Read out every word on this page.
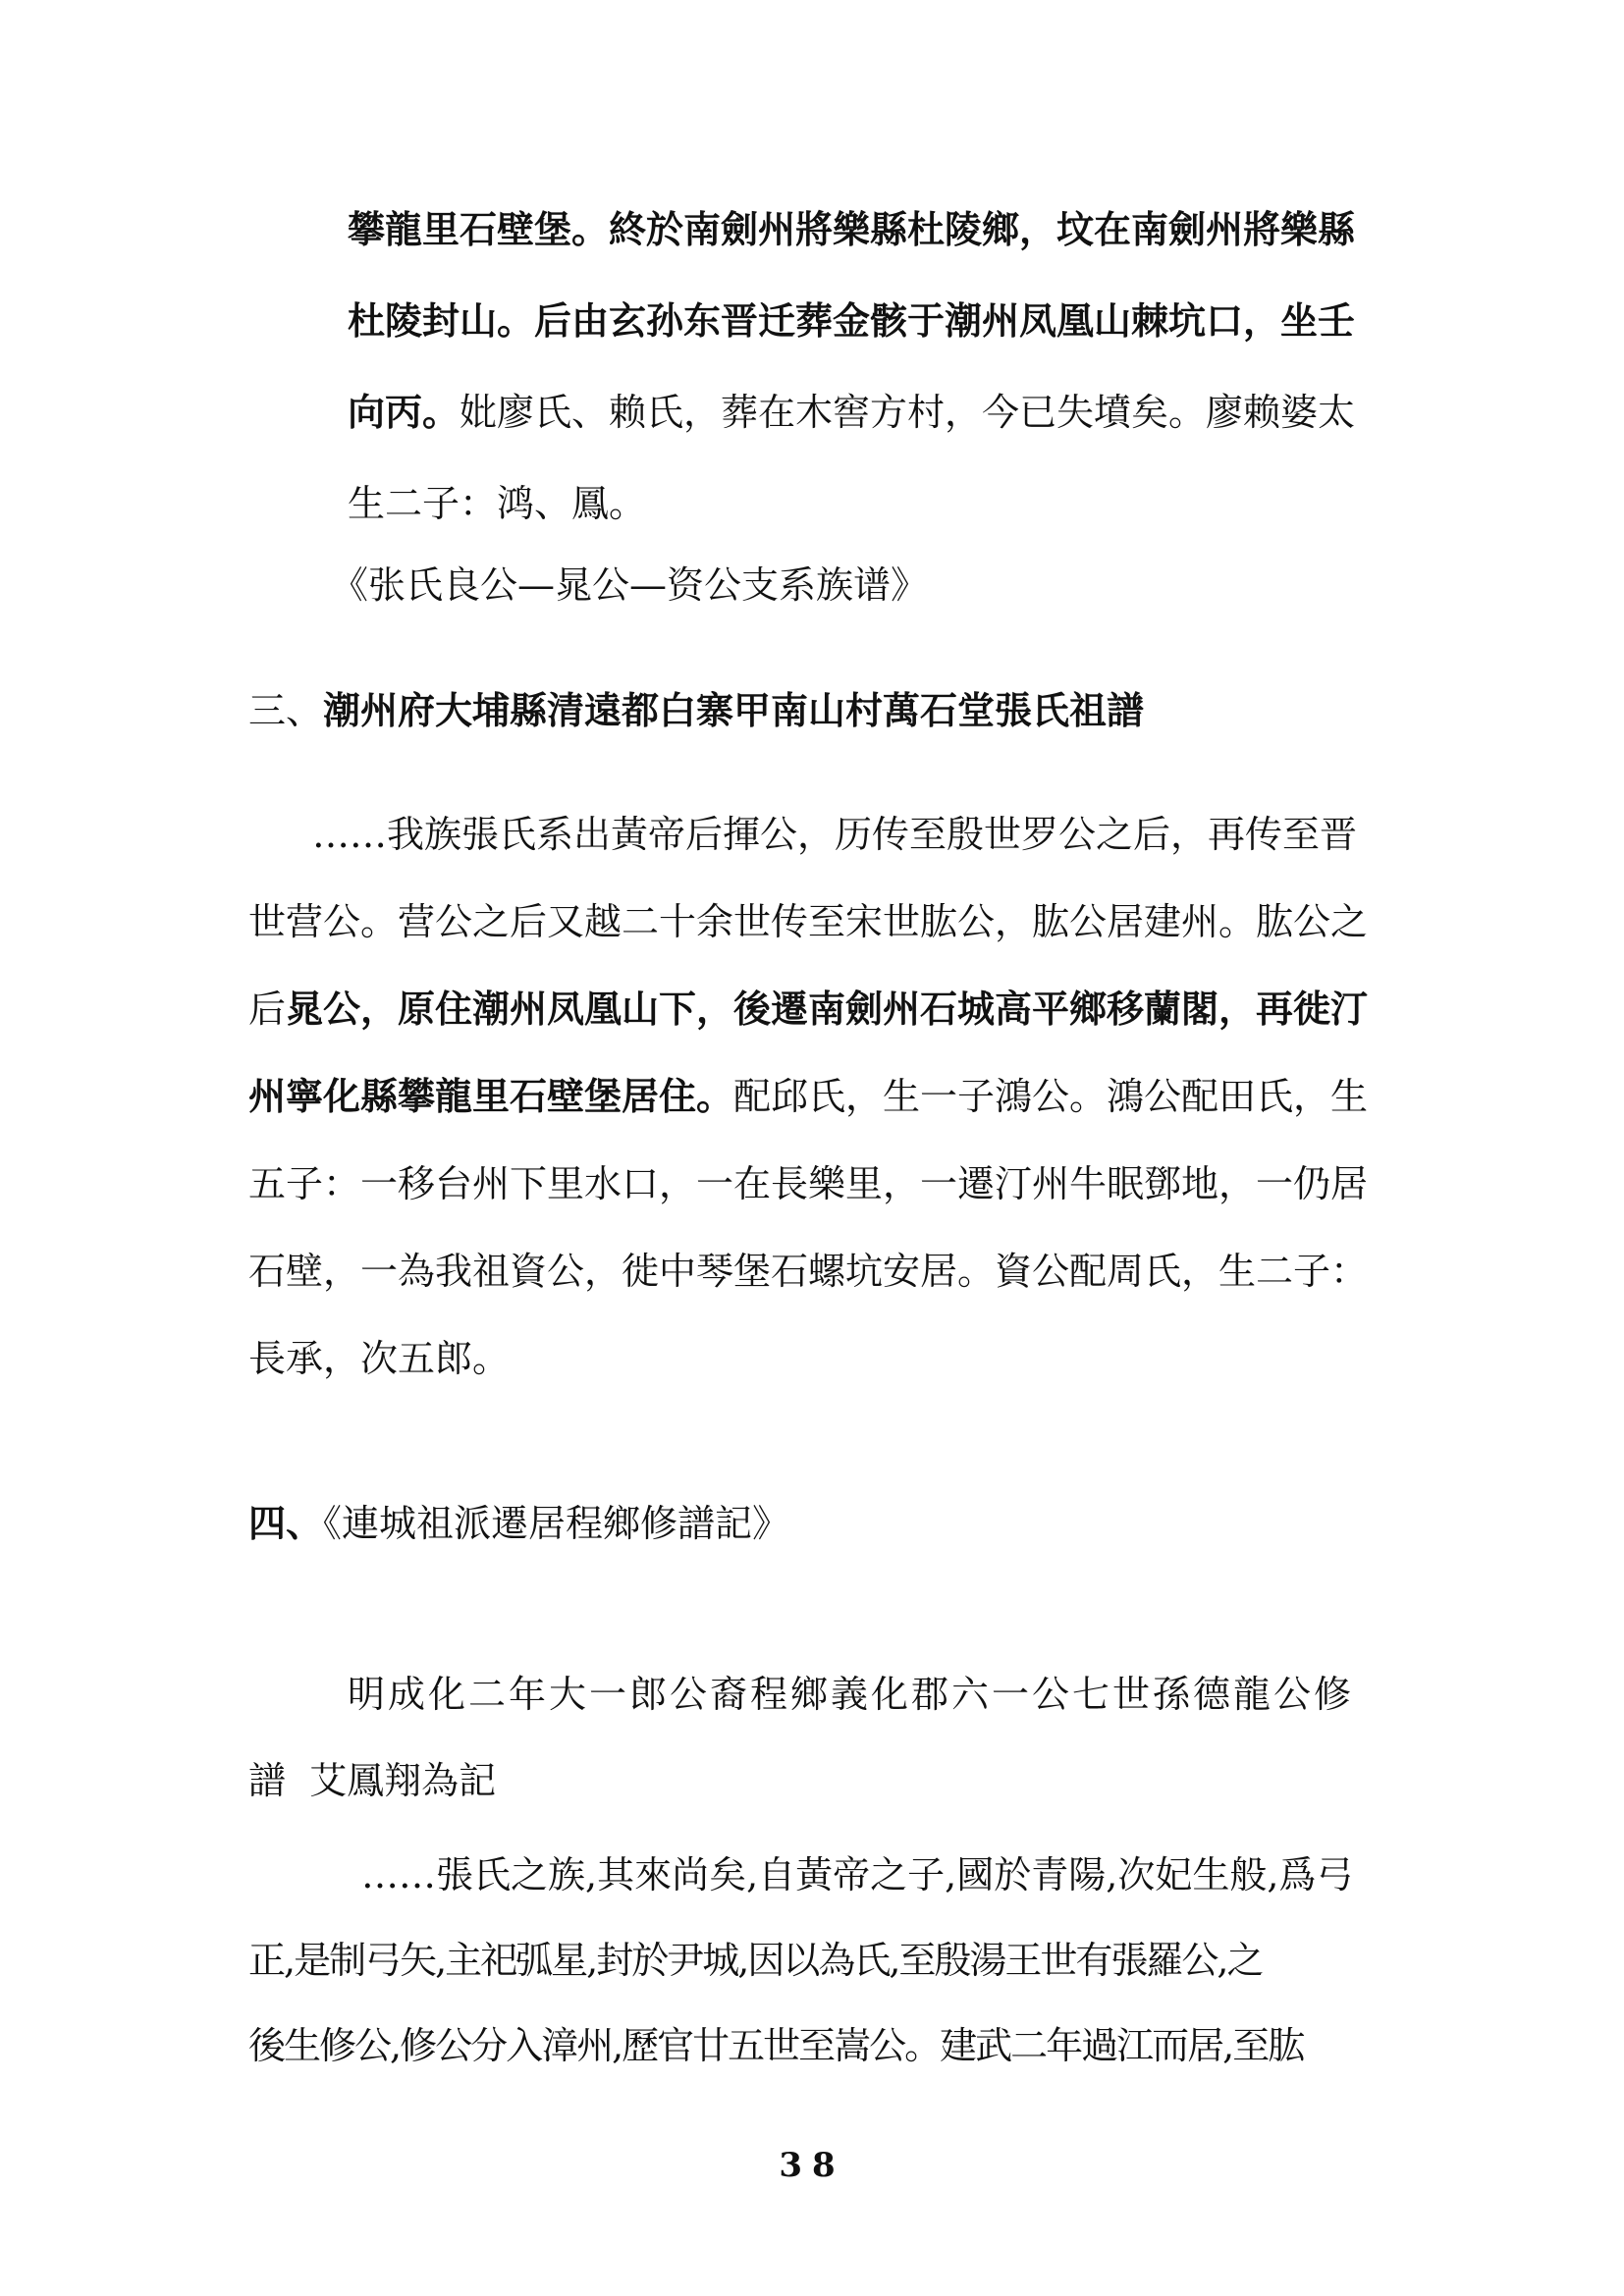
攀龍里石壁堡。終於南劍州將樂縣杜陵鄉，坟在南劍州將樂縣
杜陵封山。后由玄孙东晋迁葬金骸于潮州凤凰山棘坑口，坐壬
向丙。妣廖氏、赖氏，葬在木窖方村，今已失墳矣。廖赖婆太
生二子：鸿、鳳。
《张氏良公—晁公—资公支系族谱》
三、潮州府大埔縣清遠都白寨甲南山村萬石堂張氏祖譜
……我族張氏系出黃帝后揮公，历传至殷世罗公之后，再传至晋
世营公。营公之后又越二十余世传至宋世肱公，肱公居建州。肱公之
后晁公，原住潮州凤凰山下，後遷南劍州石城高平鄉移蘭閣，再徙汀
州寧化縣攀龍里石壁堡居住。配邱氏，生一子鴻公。鴻公配田氏，生
五子：一移台州下里水口，一在長樂里，一遷汀州牛眠鄧地，一仍居
石壁，一為我祖資公，徙中琴堡石螺坑安居。資公配周氏，生二子：
長承，次五郎。
四、《連城祖派遷居程鄉修譜記》
明成化二年大一郎公裔程鄉義化郡六一公七世孫德龍公修
譜  艾鳳翔為記
……張氏之族,其來尚矣,自黃帝之子,國於青陽,次妃生般,爲弓
正,是制弓矢,主祀弧星,封於尹城,因以為氏,至殷湯王世有張羅公,之
後生修公,修公分入漳州,歷官廿五世至嵩公。建武二年過江而居,至肱
38
